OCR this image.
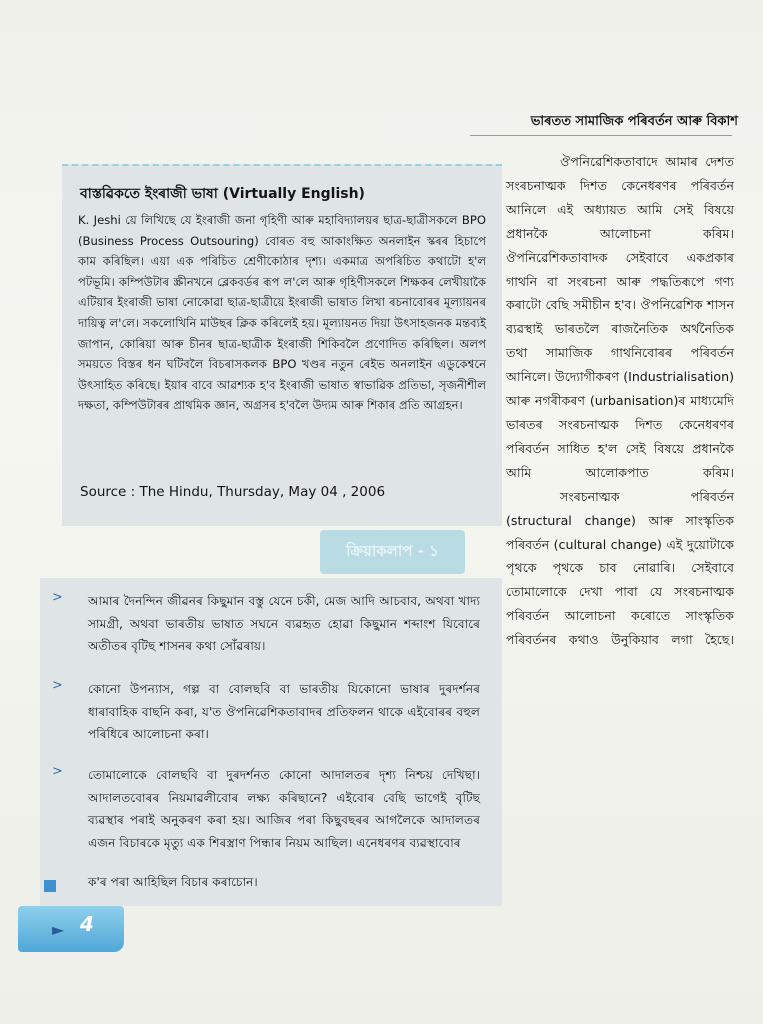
ভাৰতত সামাজিক পৰিবৰ্তন আৰু বিকাশ
বাস্তৱিকতে ইংৰাজী ভাষা (Virtually English)

K. Jeshi য়ে লিখিছে যে ইংৰাজী জনা গৃহিণী আৰু মহাবিদ্যালয়ৰ ছাত্ৰ-ছাত্ৰীসকলে BPO (Business Process Outsouring) বোৰত বহু আকাংক্ষিত অনলাইন স্কৰৰ হিচাপে কাম কৰিছিল। এয়া এক পৰিচিত শ্ৰেণীকোঠাৰ দৃশ্য। একমাত্ৰ অপৰিচিত কথাটো হ'ল পটভূমি। কম্পিউটাৰ স্ক্ৰীনখনে ব্লেকবৰ্ডৰ ৰূপ ল'লে আৰু গৃহিণীসকলে শিক্ষকৰ লেখীয়াকৈ এটিয়াৰ ইংৰাজী ভাষা নোকোৱা ছাত্ৰ-ছাত্ৰীয়ে ইংৰাজী ভাষাত লিখা ৰচনাবোৰৰ মূল্যায়নৰ দায়িত্ব ল'লে। সকলোখিনি মাউছৰ ক্লিক কৰিলেই হয়। মূল্যায়নত দিয়া উৎসাহজনক মন্তব্যই জাপান, কোৰিয়া আৰু চীনৰ ছাত্ৰ-ছাত্ৰীক ইংৰাজী শিকিবলৈ প্ৰণোদিত কৰিছিল। অলপ সময়তে বিস্তৰ ধন ঘটিবলৈ বিচৰাসকলক BPO খণ্ডৰ নতুন ৰেইভ অনলাইন এডুকেশ্বনে উৎসাহিত কৰিছে। ইয়াৰ বাবে আৱশ্যক হ'ব ইংৰাজী ভাষাত স্বাভাৱিক প্ৰতিভা, সৃজনীশীল দক্ষতা, কম্পিউটাৰৰ প্ৰাথমিক জ্ঞান, অগ্ৰসৰ হ'বলৈ উদ্যম আৰু শিকাৰ প্ৰতি আগ্ৰহন।

Source : The Hindu, Thursday, May 04 , 2006
ক্ৰিয়াকলাপ - ১
> আমাৰ দৈনন্দিন জীৱনৰ কিছুমান বস্তু যেনে চকী, মেজ আদি আচবাব, অথবা খাদ্য সামগ্ৰী, অথবা ভাৰতীয় ভাষাত সঘনে ব্যৱহৃত হোৱা কিছুমান শব্দাংশ যিবোৰে অতীতৰ বৃটিছ শাসনৰ কথা সোঁৱৰায়।
> কোনো উপন্যাস, গল্প বা বোলছবি বা ভাৰতীয় যিকোনো ভাষাৰ দুৰদৰ্শনৰ ধাৰাবাহিক বাছনি কৰা, য'ত ঔপনিৱেশিকতাবাদৰ প্ৰতিফলন থাকে এইবোৰৰ বহুল পৰিধিৰে আলোচনা কৰা।
> তোমালোকে বোলছবি বা দুৰদৰ্শনত কোনো আদালতৰ দৃশ্য নিশ্চয় দেখিছা। আদালতবোৰৰ নিয়মাৱলীবোৰ লক্ষ্য কৰিছানে? এইবোৰ বেছি ভাগেই বৃটিছ ব্যৱস্থাৰ পৰাই অনুকৰণ কৰা হয়। আজিৰ পৰা কিছুবছৰৰ আগলৈকে আদালতৰ এজন বিচাৰকে মৃত্যু এক শিৰস্ত্ৰাণ পিন্ধাৰ নিয়ম আছিল। এনেধৰণৰ ব্যৱস্থাবোৰ
ক'ৰ পৰা আহিছিল বিচাৰ কৰাচোন।
► 4

ঔপনিৱেশিকতাবাদে আমাৰ দেশত সংৰচনাত্মক দিশত কেনেধৰণৰ পৰিবৰ্তন আনিলে এই অধ্যায়ত আমি সেই বিষয়ে প্ৰধানকৈ আলোচনা কৰিম। ঔপনিৱেশিকতাবাদক সেইবাবে একপ্ৰকাৰ গাথনি বা সংৰচনা আৰু পদ্ধতিৰূপে গণ্য কৰাটো বেছি সমীচীন হ'ব। ঔপনিৱেশিক শাসন ব্যৱস্থাই ভাৰতলৈ ৰাজনৈতিক অৰ্থনৈতিক তথা সামাজিক গাথনিবোৰৰ পৰিবৰ্তন আনিলে। উদ্যোগীকৰণ (Industrialisation) আৰু নগৰীকৰণ (urbanisation)ৰ মাধ্যমেদি ভাৰতৰ সংৰচনাত্মক দিশত কেনেধৰণৰ পৰিবৰ্তন সাধিত হ'ল সেই বিষয়ে প্ৰধানকৈ আমি আলোকপাত কৰিম।

সংৰচনাত্মক পৰিবৰ্তন (structural change) আৰু সাংস্কৃতিক পৰিবৰ্তন (cultural change) এই দুয়োটাকে পৃথকে পৃথকে চাব নোৱাৰি। সেইবাবে তোমালোকে দেখা পাবা যে সংৰচনাত্মক পৰিবৰ্তন আলোচনা কৰোতে সাংস্কৃতিক পৰিবৰ্তনৰ কথাও উনুকিয়াব লগা হৈছে।
